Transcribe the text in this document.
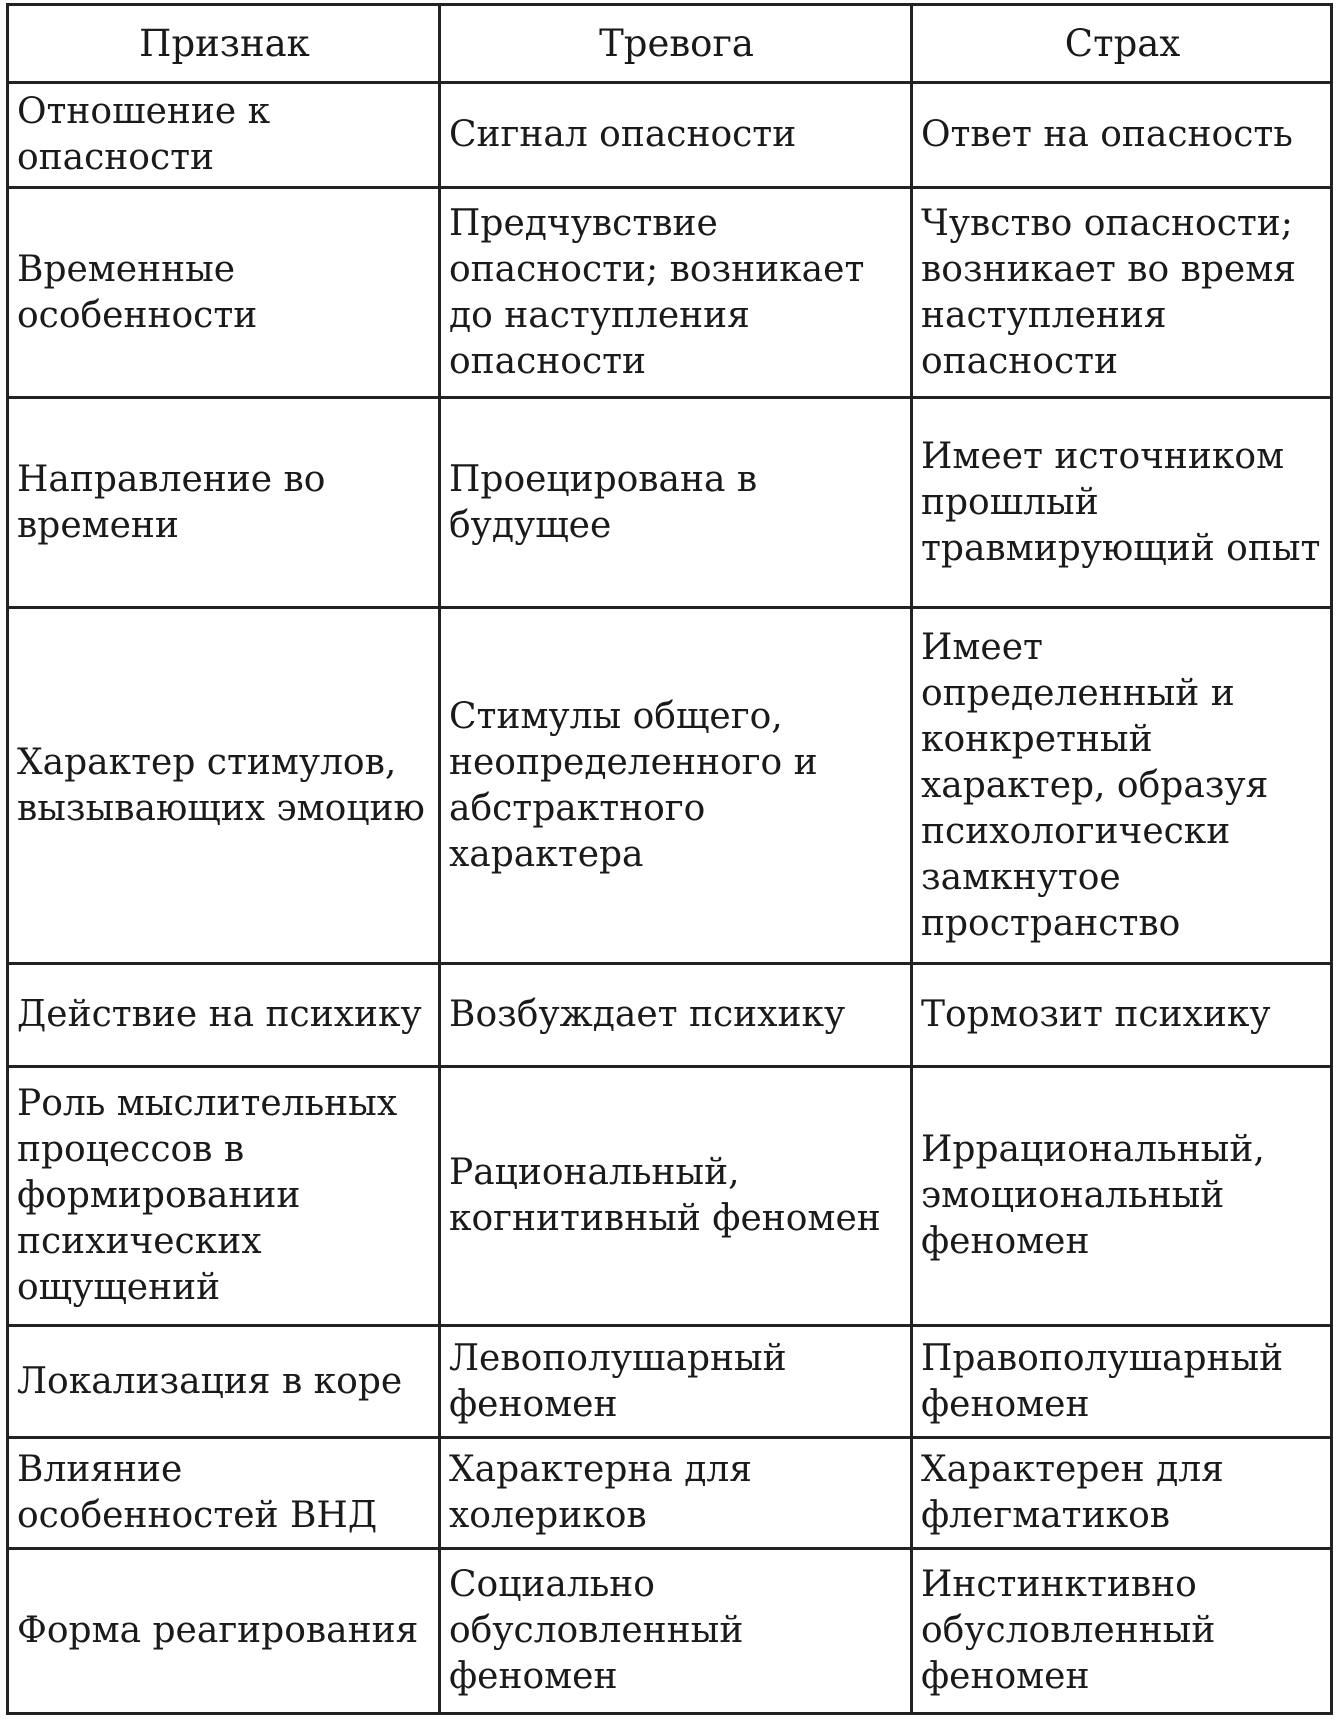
Признак	Тревога	Страх

Отношение к опасности	Сигнал опасности	Ответ на опасность

Временные особенности	Предчувствие опасности; возникает до наступления опасности	Чувство опасности; возникает во время наступления опасности

Направление во времени	Проецирована в будущее	Имеет источником прошлый травмирующий опыт

Характер стимулов, вызывающих эмоцию	Стимулы общего, неопределенного и абстрактного характера	Имеет определенный и конкретный характер, образуя психологически замкнутое пространство

Действие на психику	Возбуждает психику	Тормозит психику

Роль мыслительных процессов в формировании психических ощущений	Рациональный, когнитивный феномен	Иррациональный, эмоциональный феномен

Локализация в коре	Левополушарный феномен	Правополушарный феномен

Влияние особенностей ВНД	Характерна для холериков	Характерен для флегматиков

Форма реагирования	Социально обусловленный феномен	Инстинктивно обусловленный феномен
